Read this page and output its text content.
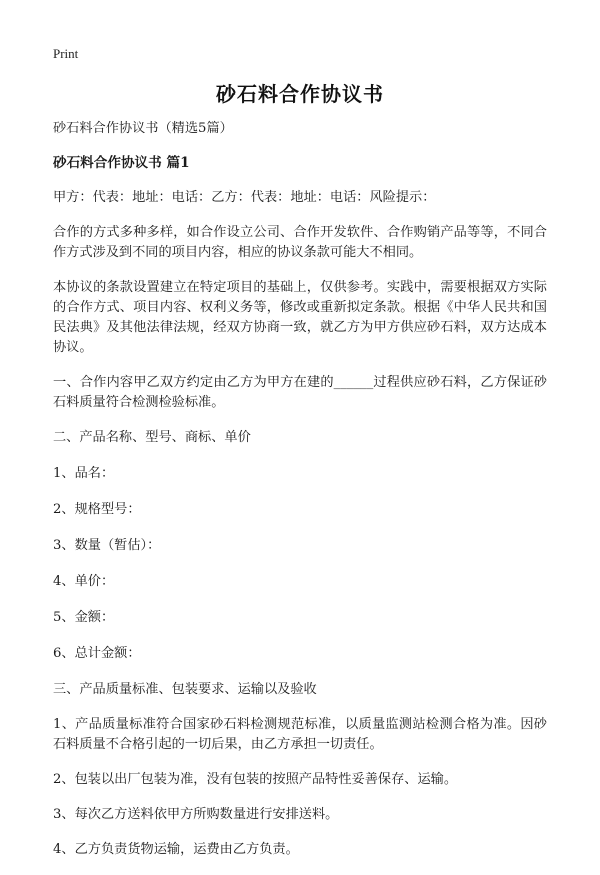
Print
砂石料合作协议书

砂石料合作协议书（精选5篇）

砂石料合作协议书 篇1

甲方：代表：地址：电话：乙方：代表：地址：电话：风险提示：

合作的方式多种多样，如合作设立公司、合作开发软件、合作购销产品等等，不同合作方式涉及到不同的项目内容，相应的协议条款可能大不相同。

本协议的条款设置建立在特定项目的基础上，仅供参考。实践中，需要根据双方实际的合作方式、项目内容、权利义务等，修改或重新拟定条款。根据《中华人民共和国民法典》及其他法律法规，经双方协商一致，就乙方为甲方供应砂石料，双方达成本协议。

一、合作内容甲乙双方约定由乙方为甲方在建的______过程供应砂石料，乙方保证砂石料质量符合检测检验标准。

二、产品名称、型号、商标、单价

1、品名：

2、规格型号：

3、数量（暂估）：

4、单价：

5、金额：

6、总计金额：

三、产品质量标准、包装要求、运输以及验收

1、产品质量标准符合国家砂石料检测规范标准，以质量监测站检测合格为准。因砂石料质量不合格引起的一切后果，由乙方承担一切责任。

2、包装以出厂包装为准，没有包装的按照产品特性妥善保存、运输。

3、每次乙方送料依甲方所购数量进行安排送料。

4、乙方负责货物运输，运费由乙方负责。
